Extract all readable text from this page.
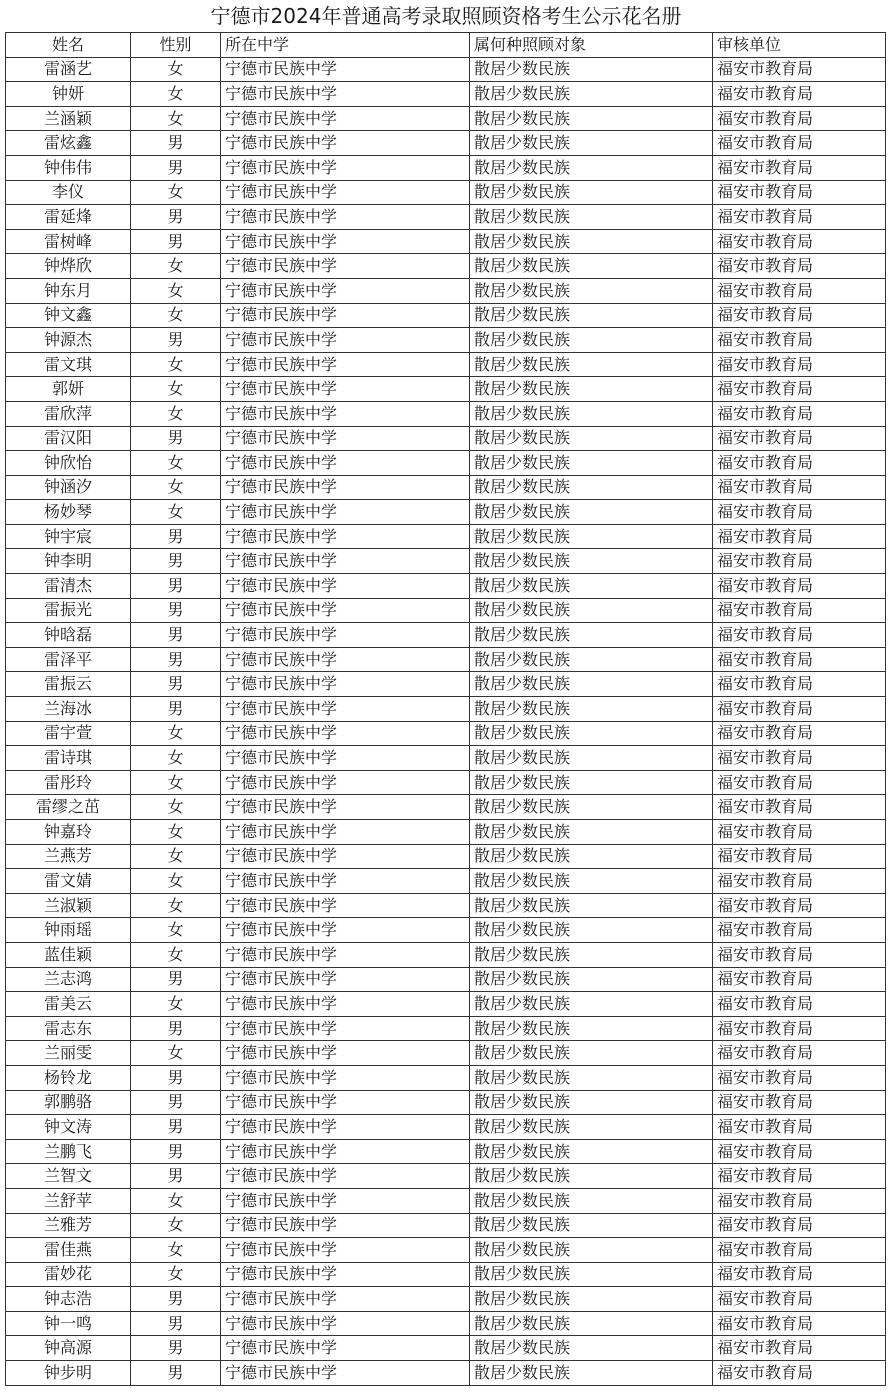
宁德市2024年普通高考录取照顾资格考生公示花名册
姓名	性别	所在中学	属何种照顾对象	审核单位
雷涵艺	女	宁德市民族中学	散居少数民族	福安市教育局
钟妍	女	宁德市民族中学	散居少数民族	福安市教育局
兰涵颖	女	宁德市民族中学	散居少数民族	福安市教育局
雷炫鑫	男	宁德市民族中学	散居少数民族	福安市教育局
钟伟伟	男	宁德市民族中学	散居少数民族	福安市教育局
李仪	女	宁德市民族中学	散居少数民族	福安市教育局
雷延烽	男	宁德市民族中学	散居少数民族	福安市教育局
雷树峰	男	宁德市民族中学	散居少数民族	福安市教育局
钟烨欣	女	宁德市民族中学	散居少数民族	福安市教育局
钟东月	女	宁德市民族中学	散居少数民族	福安市教育局
钟文鑫	女	宁德市民族中学	散居少数民族	福安市教育局
钟源杰	男	宁德市民族中学	散居少数民族	福安市教育局
雷文琪	女	宁德市民族中学	散居少数民族	福安市教育局
郭妍	女	宁德市民族中学	散居少数民族	福安市教育局
雷欣萍	女	宁德市民族中学	散居少数民族	福安市教育局
雷汉阳	男	宁德市民族中学	散居少数民族	福安市教育局
钟欣怡	女	宁德市民族中学	散居少数民族	福安市教育局
钟涵汐	女	宁德市民族中学	散居少数民族	福安市教育局
杨妙琴	女	宁德市民族中学	散居少数民族	福安市教育局
钟宇宸	男	宁德市民族中学	散居少数民族	福安市教育局
钟李明	男	宁德市民族中学	散居少数民族	福安市教育局
雷清杰	男	宁德市民族中学	散居少数民族	福安市教育局
雷振光	男	宁德市民族中学	散居少数民族	福安市教育局
钟晗磊	男	宁德市民族中学	散居少数民族	福安市教育局
雷泽平	男	宁德市民族中学	散居少数民族	福安市教育局
雷振云	男	宁德市民族中学	散居少数民族	福安市教育局
兰海冰	男	宁德市民族中学	散居少数民族	福安市教育局
雷宇萱	女	宁德市民族中学	散居少数民族	福安市教育局
雷诗琪	女	宁德市民族中学	散居少数民族	福安市教育局
雷彤玲	女	宁德市民族中学	散居少数民族	福安市教育局
雷缪之茁	女	宁德市民族中学	散居少数民族	福安市教育局
钟嘉玲	女	宁德市民族中学	散居少数民族	福安市教育局
兰燕芳	女	宁德市民族中学	散居少数民族	福安市教育局
雷文婧	女	宁德市民族中学	散居少数民族	福安市教育局
兰淑颖	女	宁德市民族中学	散居少数民族	福安市教育局
钟雨瑶	女	宁德市民族中学	散居少数民族	福安市教育局
蓝佳颖	女	宁德市民族中学	散居少数民族	福安市教育局
兰志鸿	男	宁德市民族中学	散居少数民族	福安市教育局
雷美云	女	宁德市民族中学	散居少数民族	福安市教育局
雷志东	男	宁德市民族中学	散居少数民族	福安市教育局
兰丽雯	女	宁德市民族中学	散居少数民族	福安市教育局
杨铃龙	男	宁德市民族中学	散居少数民族	福安市教育局
郭鹏骆	男	宁德市民族中学	散居少数民族	福安市教育局
钟文涛	男	宁德市民族中学	散居少数民族	福安市教育局
兰鹏飞	男	宁德市民族中学	散居少数民族	福安市教育局
兰智文	男	宁德市民族中学	散居少数民族	福安市教育局
兰舒苹	女	宁德市民族中学	散居少数民族	福安市教育局
兰雅芳	女	宁德市民族中学	散居少数民族	福安市教育局
雷佳燕	女	宁德市民族中学	散居少数民族	福安市教育局
雷妙花	女	宁德市民族中学	散居少数民族	福安市教育局
钟志浩	男	宁德市民族中学	散居少数民族	福安市教育局
钟一鸣	男	宁德市民族中学	散居少数民族	福安市教育局
钟高源	男	宁德市民族中学	散居少数民族	福安市教育局
钟步明	男	宁德市民族中学	散居少数民族	福安市教育局
